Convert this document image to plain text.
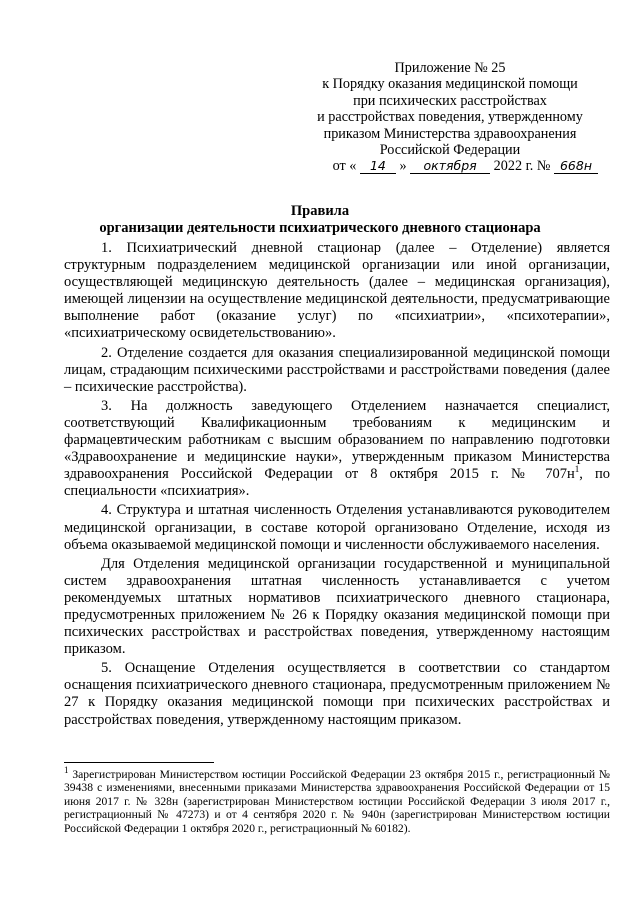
Приложение № 25
к Порядку оказания медицинской помощи
при психических расстройствах
и расстройствах поведения, утвержденному
приказом Министерства здравоохранения
Российской Федерации
от « 14 » октября 2022 г. № 668н
Правила
организации деятельности психиатрического дневного стационара

1. Психиатрический дневной стационар (далее – Отделение) является структурным подразделением медицинской организации или иной организации, осуществляющей медицинскую деятельность (далее – медицинская организация), имеющей лицензии на осуществление медицинской деятельности, предусматривающие выполнение работ (оказание услуг) по «психиатрии», «психотерапии», «психиатрическому освидетельствованию».

2. Отделение создается для оказания специализированной медицинской помощи лицам, страдающим психическими расстройствами и расстройствами поведения (далее – психические расстройства).

3. На должность заведующего Отделением назначается специалист, соответствующий Квалификационным требованиям к медицинским и фармацевтическим работникам с высшим образованием по направлению подготовки «Здравоохранение и медицинские науки», утвержденным приказом Министерства здравоохранения Российской Федерации от 8 октября 2015 г. № $707н^1$, по специальности «психиатрия».

4. Структура и штатная численность Отделения устанавливаются руководителем медицинской организации, в составе которой организовано Отделение, исходя из объема оказываемой медицинской помощи и численности обслуживаемого населения.

Для Отделения медицинской организации государственной и муниципальной систем здравоохранения штатная численность устанавливается с учетом рекомендуемых штатных нормативов психиатрического дневного стационара, предусмотренных приложением № 26 к Порядку оказания медицинской помощи при психических расстройствах и расстройствах поведения, утвержденному настоящим приказом.

5. Оснащение Отделения осуществляется в соответствии со стандартом оснащения психиатрического дневного стационара, предусмотренным приложением № 27 к Порядку оказания медицинской помощи при психических расстройствах и расстройствах поведения, утвержденному настоящим приказом.

$^1$ Зарегистрирован Министерством юстиции Российской Федерации 23 октября 2015 г., регистрационный № 39438 с изменениями, внесенными приказами Министерства здравоохранения Российской Федерации от 15 июня 2017 г. № 328н (зарегистрирован Министерством юстиции Российской Федерации 3 июля 2017 г., регистрационный № 47273) и от 4 сентября 2020 г. № 940н (зарегистрирован Министерством юстиции Российской Федерации 1 октября 2020 г., регистрационный № 60182).
